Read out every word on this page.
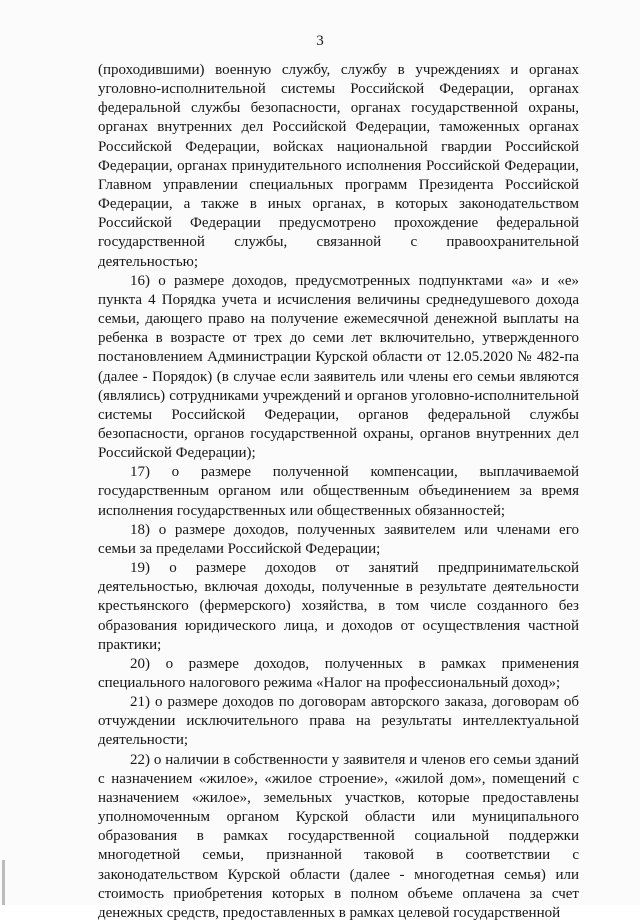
3

(проходившими) военную службу, службу в учреждениях и органах уголовно-исполнительной системы Российской Федерации, органах федеральной службы безопасности, органах государственной охраны, органах внутренних дел Российской Федерации, таможенных органах Российской Федерации, войсках национальной гвардии Российской Федерации, органах принудительного исполнения Российской Федерации, Главном управлении специальных программ Президента Российской Федерации, а также в иных органах, в которых законодательством Российской Федерации предусмотрено прохождение федеральной государственной службы, связанной с правоохранительной деятельностью;

16) о размере доходов, предусмотренных подпунктами «а» и «е» пункта 4 Порядка учета и исчисления величины среднедушевого дохода семьи, дающего право на получение ежемесячной денежной выплаты на ребенка в возрасте от трех до семи лет включительно, утвержденного постановлением Администрации Курской области от 12.05.2020 № 482-па (далее - Порядок) (в случае если заявитель или члены его семьи являются (являлись) сотрудниками учреждений и органов уголовно-исполнительной системы Российской Федерации, органов федеральной службы безопасности, органов государственной охраны, органов внутренних дел Российской Федерации);

17) о размере полученной компенсации, выплачиваемой государственным органом или общественным объединением за время исполнения государственных или общественных обязанностей;

18) о размере доходов, полученных заявителем или членами его семьи за пределами Российской Федерации;

19) о размере доходов от занятий предпринимательской деятельностью, включая доходы, полученные в результате деятельности крестьянского (фермерского) хозяйства, в том числе созданного без образования юридического лица, и доходов от осуществления частной практики;

20) о размере доходов, полученных в рамках применения специального налогового режима «Налог на профессиональный доход»;

21) о размере доходов по договорам авторского заказа, договорам об отчуждении исключительного права на результаты интеллектуальной деятельности;

22) о наличии в собственности у заявителя и членов его семьи зданий с назначением «жилое», «жилое строение», «жилой дом», помещений с назначением «жилое», земельных участков, которые предоставлены уполномоченным органом Курской области или муниципального образования в рамках государственной социальной поддержки многодетной семьи, признанной таковой в соответствии с законодательством Курской области (далее - многодетная семья) или стоимость приобретения которых в полном объеме оплачена за счет денежных средств, предоставленных в рамках целевой государственной
